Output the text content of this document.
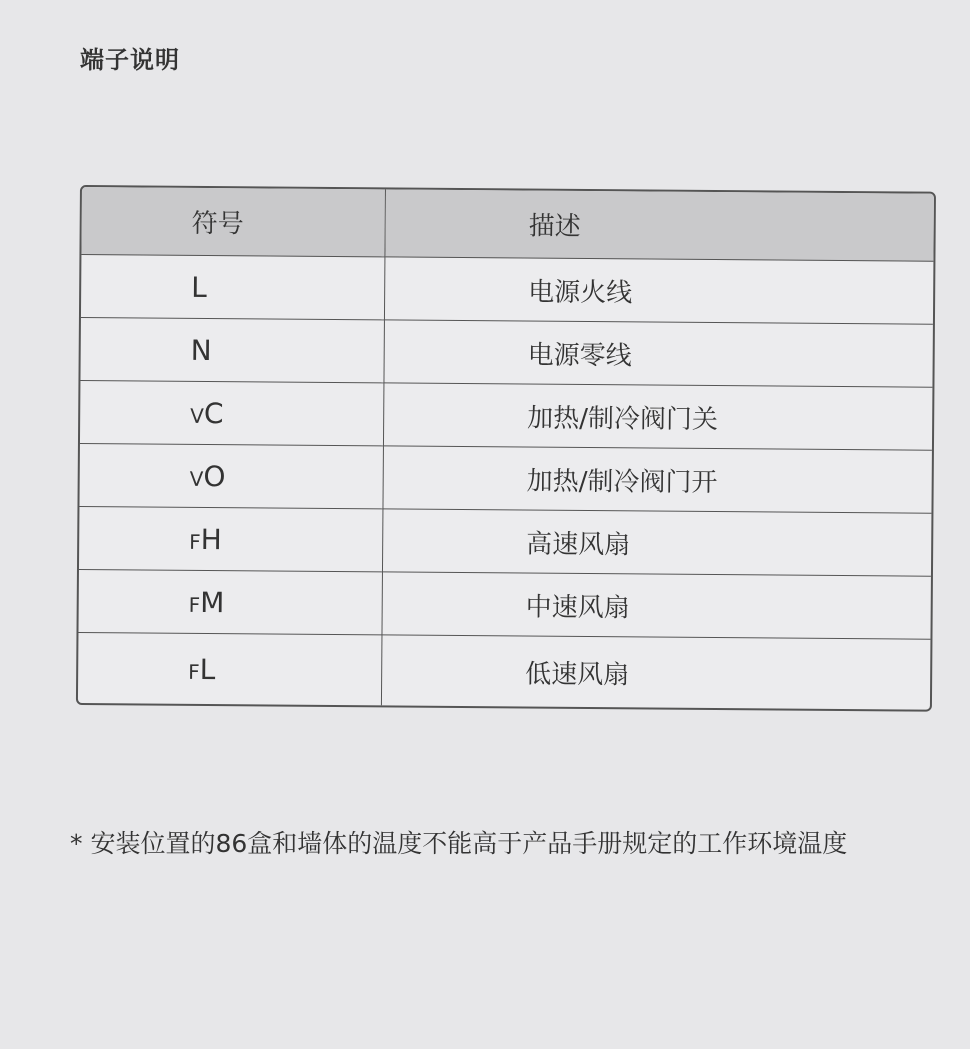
端子说明
符号	描述
L	电源火线
N	电源零线
VC	加热/制冷阀门关
VO	加热/制冷阀门开
FH	高速风扇
FM	中速风扇
FL	低速风扇
* 安装位置的86盒和墙体的温度不能高于产品手册规定的工作环境温度
